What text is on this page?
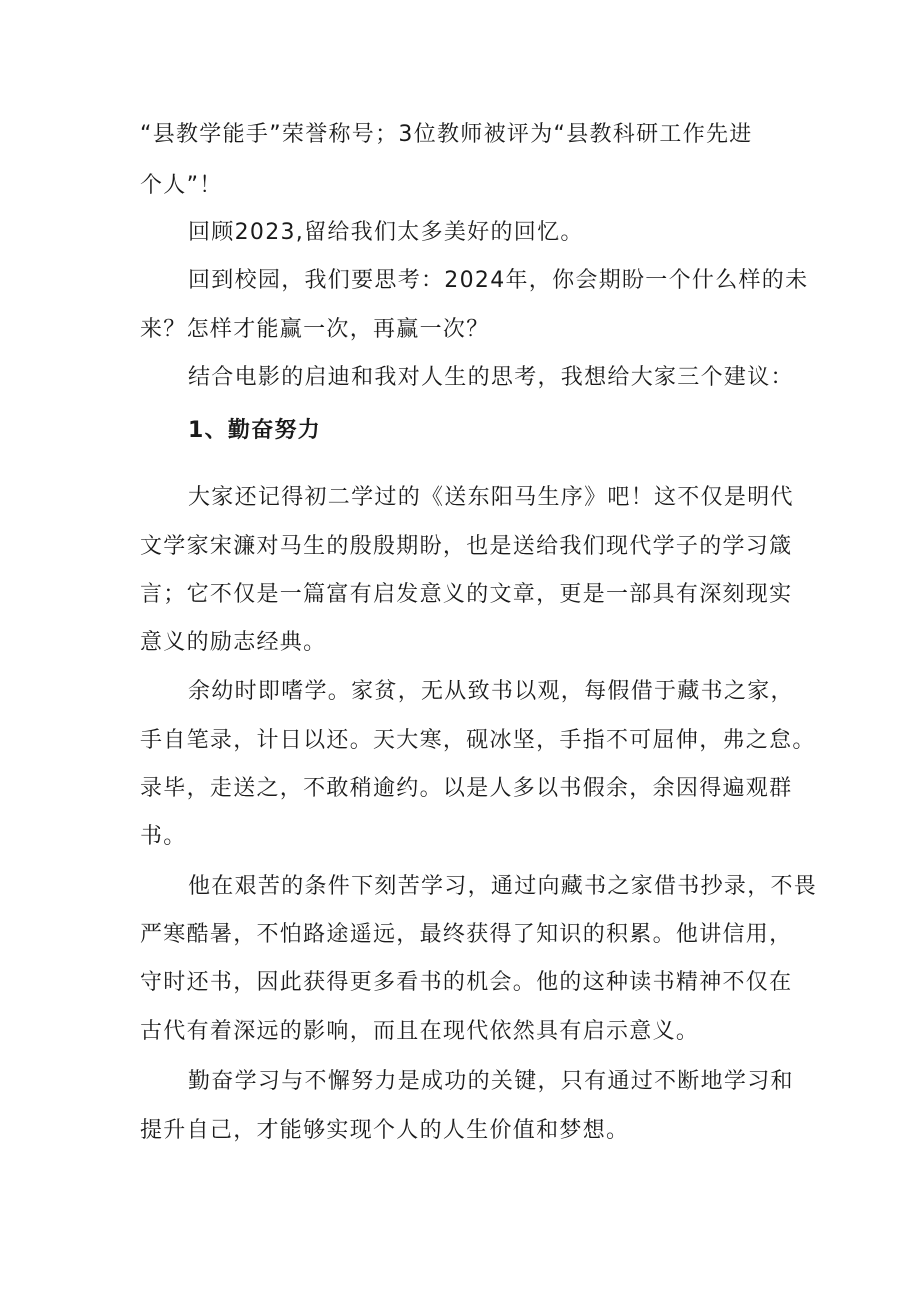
“县教学能手”荣誉称号；3位教师被评为“县教科研工作先进
个人”！
回顾2023,留给我们太多美好的回忆。
回到校园，我们要思考：2024年，你会期盼一个什么样的未
来？怎样才能赢一次，再赢一次？
结合电影的启迪和我对人生的思考，我想给大家三个建议：
1、勤奋努力
大家还记得初二学过的《送东阳马生序》吧！这不仅是明代
文学家宋濂对马生的殷殷期盼，也是送给我们现代学子的学习箴
言；它不仅是一篇富有启发意义的文章，更是一部具有深刻现实
意义的励志经典。
余幼时即嗜学。家贫，无从致书以观，每假借于藏书之家，
手自笔录，计日以还。天大寒，砚冰坚，手指不可屈伸，弗之怠。
录毕，走送之，不敢稍逾约。以是人多以书假余，余因得遍观群
书。
他在艰苦的条件下刻苦学习，通过向藏书之家借书抄录，不畏
严寒酷暑，不怕路途遥远，最终获得了知识的积累。他讲信用，
守时还书，因此获得更多看书的机会。他的这种读书精神不仅在
古代有着深远的影响，而且在现代依然具有启示意义。
勤奋学习与不懈努力是成功的关键，只有通过不断地学习和
提升自己，才能够实现个人的人生价值和梦想。
